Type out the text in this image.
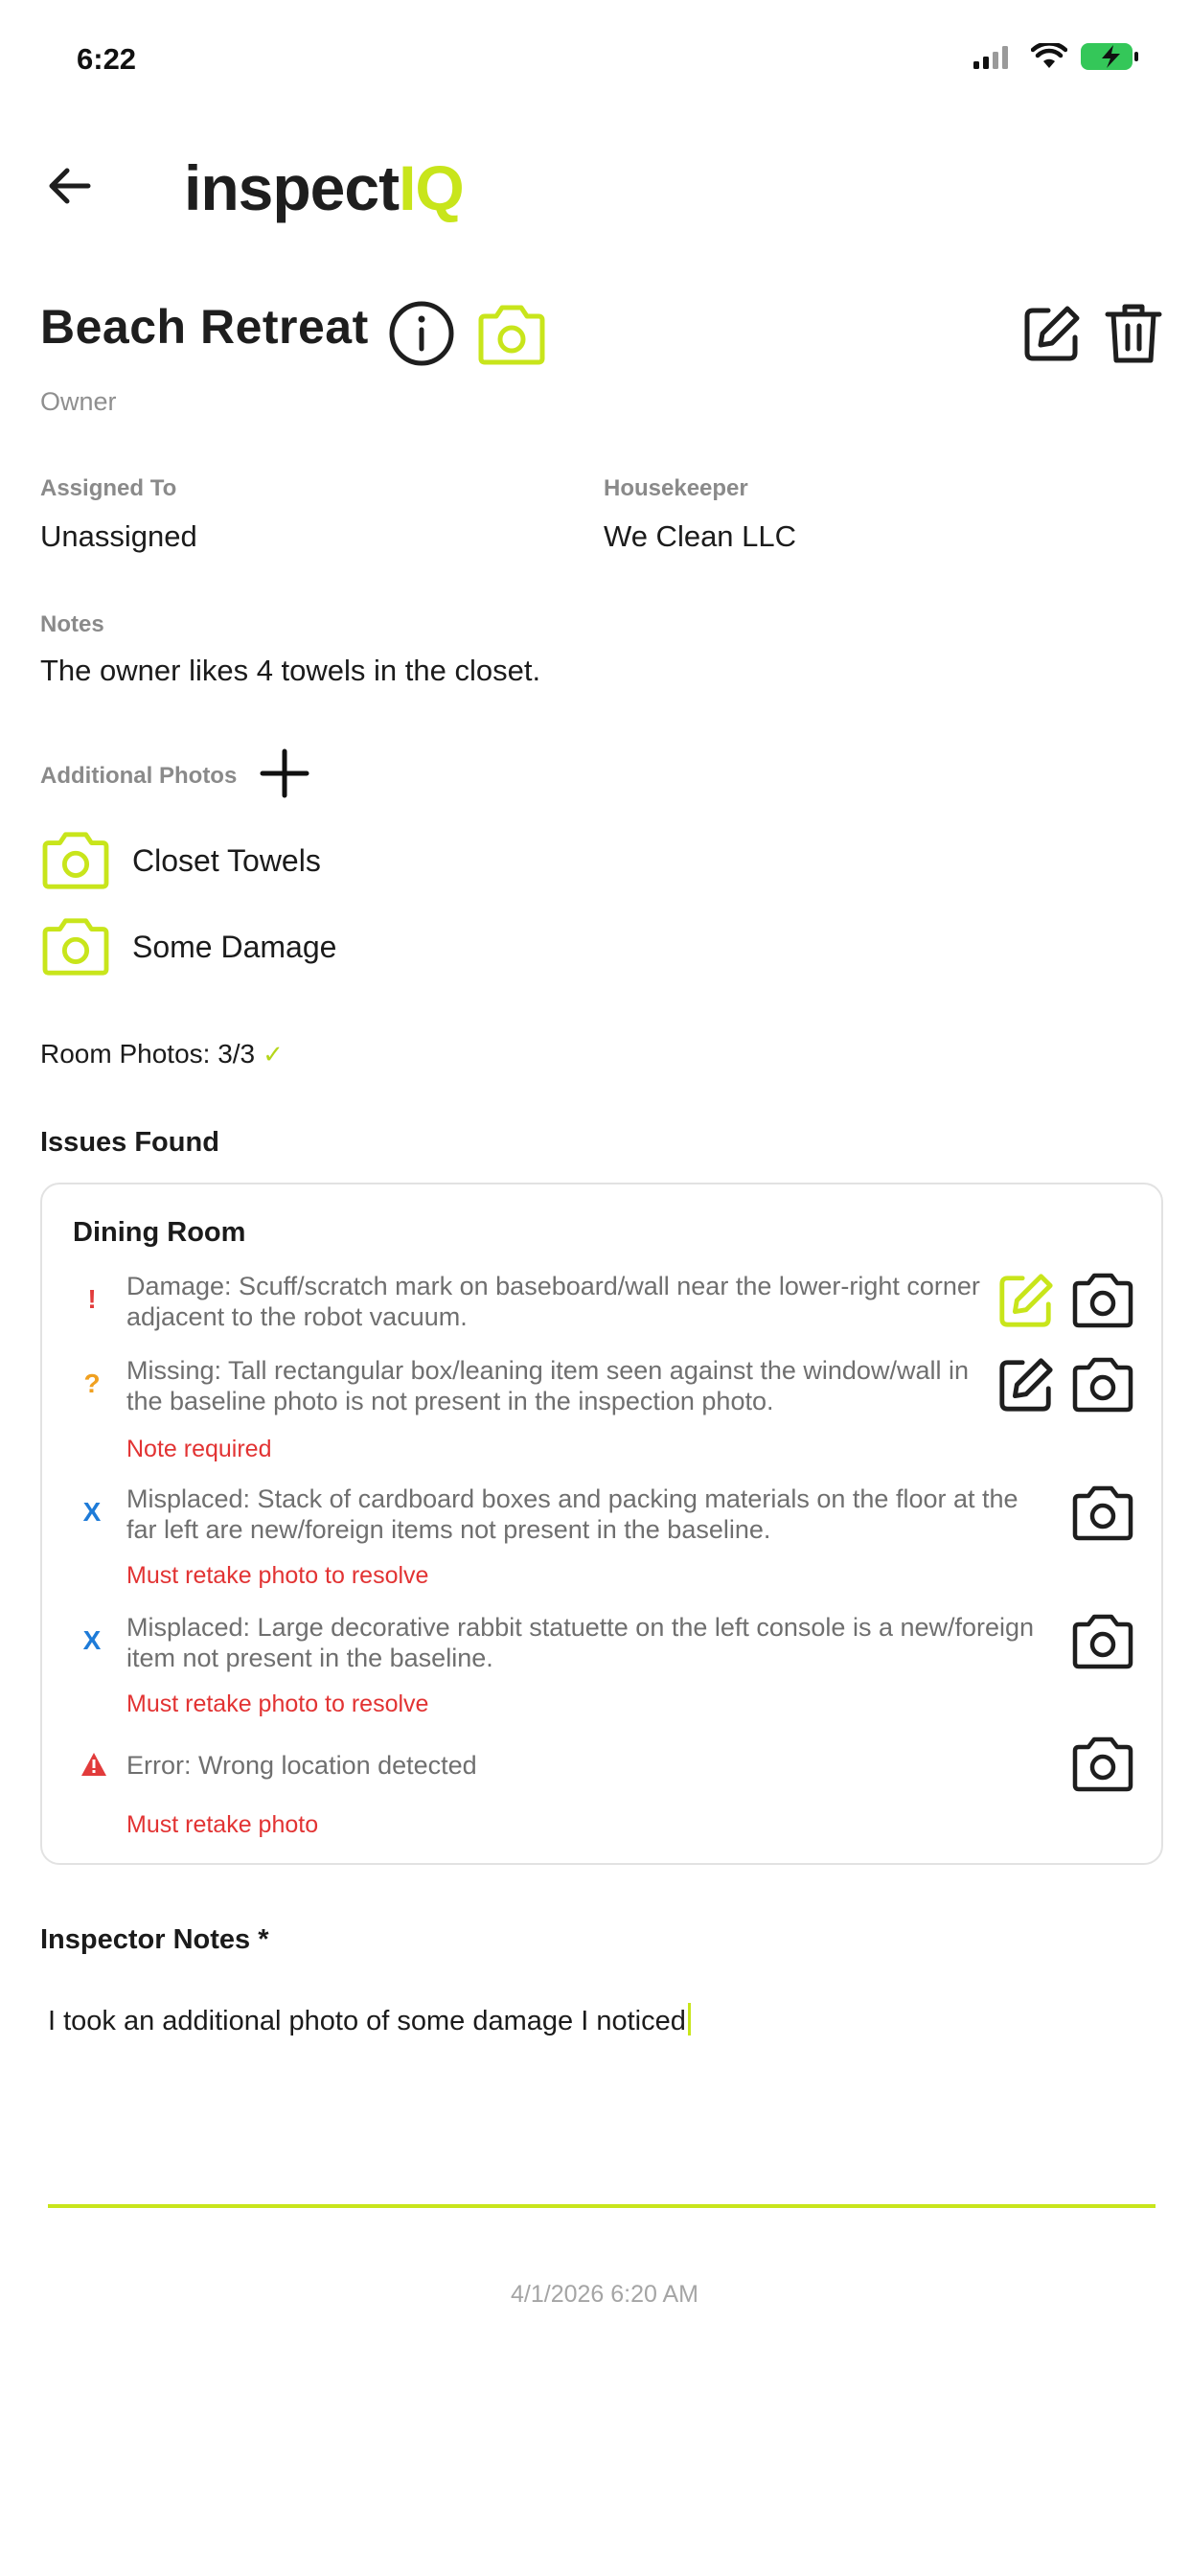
6:22
inspect IQ
Beach Retreat
Owner
Assigned To
Unassigned
Housekeeper
We Clean LLC
Notes
The owner likes 4 towels in the closet.
Additional Photos
Closet Towels
Some Damage
Room Photos: 3/3 ✓
Issues Found
Dining Room
!	Damage: Scuff/scratch mark on baseboard/wall near the lower-right corner adjacent to the robot vacuum.
?	Missing: Tall rectangular box/leaning item seen against the window/wall in the baseline photo is not present in the inspection photo.
Note required
X Misplaced: Stack of cardboard boxes and packing materials on the floor at the far left are new/foreign items not present in the baseline.
Must retake photo to resolve
X Misplaced: Large decorative rabbit statuette on the left console is a new/foreign item not present in the baseline.
Must retake photo to resolve
Error: Wrong location detected
Must retake photo
Inspector Notes *
I took an additional photo of some damage I noticed
4/1/2026 6:20 AM
